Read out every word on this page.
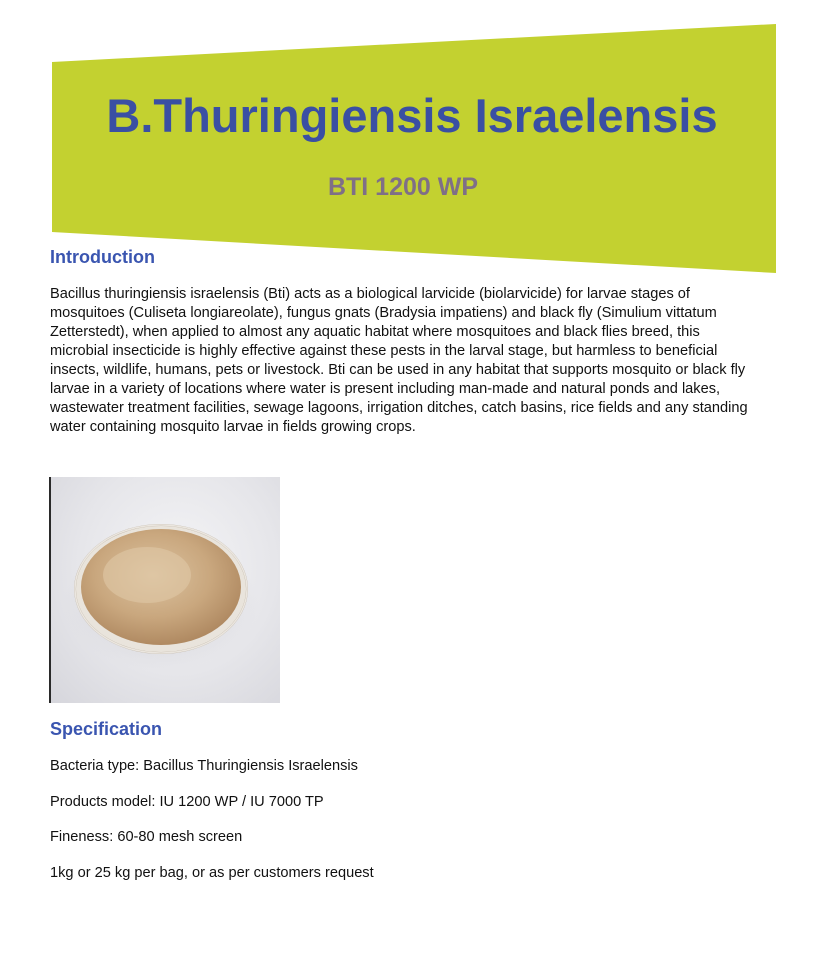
B.Thuringiensis Israelensis
BTI 1200 WP
Introduction

Bacillus thuringiensis israelensis (Bti) acts as a biological larvicide (biolarvicide) for larvae stages of mosquitoes (Culiseta longiareolate), fungus gnats (Bradysia impatiens) and black fly (Simulium vittatum Zetterstedt), when applied to almost any aquatic habitat where mosquitoes and black flies breed, this microbial insecticide is highly effective against these pests in the larval stage, but harmless to beneficial insects, wildlife, humans, pets or livestock. Bti can be used in any habitat that supports mosquito or black fly larvae in a variety of locations where water is present including man-made and natural ponds and lakes, wastewater treatment facilities, sewage lagoons, irrigation ditches, catch basins, rice fields and any standing water containing mosquito larvae in fields growing crops.

Specification

Bacteria type: Bacillus Thuringiensis Israelensis

Products model: IU 1200 WP / IU 7000 TP

Fineness: 60-80 mesh screen

1kg or 25 kg per bag, or as per customers request
